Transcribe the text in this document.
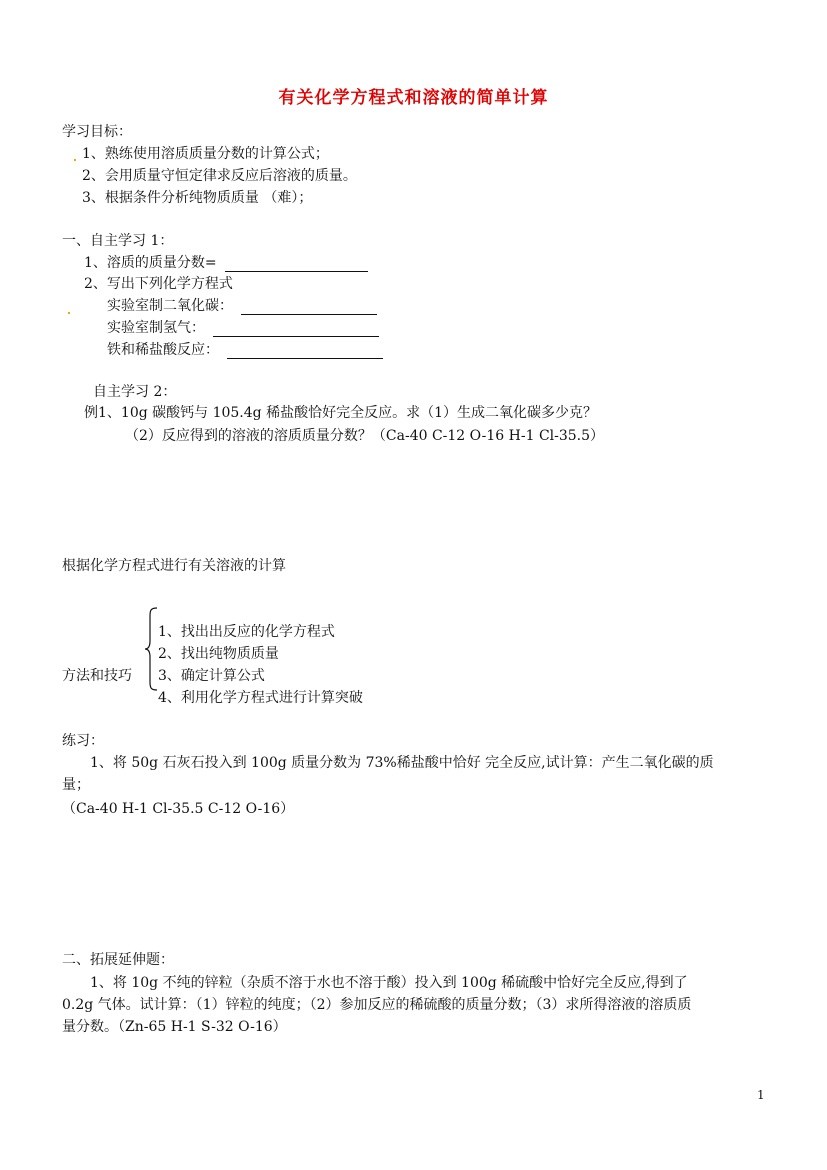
有关化学方程式和溶液的简单计算
学习目标：
1、熟练使用溶质质量分数的计算公式；
2、会用质量守恒定律求反应后溶液的质量。
3、根据条件分析纯物质质量 （难）；
一、自主学习 1：
1、溶质的质量分数=
2、写出下列化学方程式
实验室制二氧化碳：
实验室制氢气：
铁和稀盐酸反应：
自主学习 2：
例1、10g 碳酸钙与 105.4g 稀盐酸恰好完全反应。求（1）生成二氧化碳多少克？
（2）反应得到的溶液的溶质质量分数？（Ca-40 C-12 O-16 H-1 Cl-35.5）
根据化学方程式进行有关溶液的计算
方法和技巧
1、找出出反应的化学方程式
2、找出纯物质质量
3、确定计算公式
4、利用化学方程式进行计算突破
练习：
1、将 50g 石灰石投入到 100g 质量分数为 73%稀盐酸中恰好 完全反应,试计算：产生二氧化碳的质
量；
（Ca-40 H-1 Cl-35.5 C-12 O-16）
二、拓展延伸题：
1、将 10g 不纯的锌粒（杂质不溶于水也不溶于酸）投入到 100g 稀硫酸中恰好完全反应,得到了
0.2g 气体。试计算：（1）锌粒的纯度；（2）参加反应的稀硫酸的质量分数；（3）求所得溶液的溶质质
量分数。（Zn-65 H-1 S-32 O-16）
1
